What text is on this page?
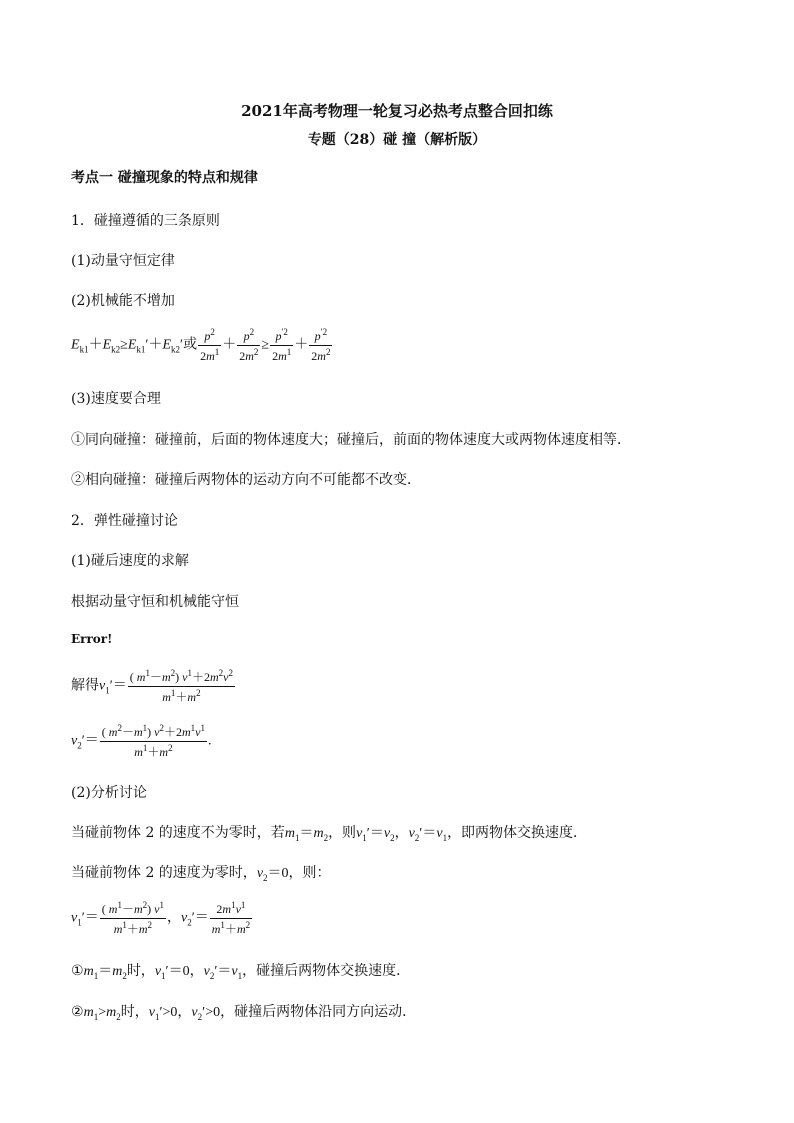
2021年高考物理一轮复习必热考点整合回扣练
专题（28）碰 撞（解析版）
考点一 碰撞现象的特点和规律
1．碰撞遵循的三条原则
(1)动量守恒定律
(2)机械能不增加
$E_{k1}+E_{k2}\ge E_{k1}'+E_{k2}'$或 $\frac{p^2}{2m^1} + \frac{p^2}{2m^2} \ge \frac{p^{'2}}{2m^1} + \frac{p^{'2}}{2m^2}$
(3)速度要合理
①同向碰撞：碰撞前，后面的物体速度大；碰撞后，前面的物体速度大或两物体速度相等．
②相向碰撞：碰撞后两物体的运动方向不可能都不改变．
2．弹性碰撞讨论
(1)碰后速度的求解
根据动量守恒和机械能守恒
Error!
解得$v_1'= \frac{( m^1-m^2) v^1+2m^2v^2}{m^1+m^2}$
$v_2'= \frac{( m^2-m^1) v^2+2m^1v^1}{m^1+m^2}$ .
(2)分析讨论
当碰前物体 2 的速度不为零时，若$m_1=m_2$，则$v_1'=v_2$，$v_2'=v_1$，即两物体交换速度．
当碰前物体 2 的速度为零时，$v_2=0$，则：
$v_1'= \frac{( m^1-m^2) v^1}{m^1+m^2}$ ，$v_2'= \frac{2m^1v^1}{m^1+m^2}$
$①m_1=m_2$时，$v_1'=0$，$v_2'=v_1$，碰撞后两物体交换速度．
$②m_1>m_2$时，$v_1'>0$，$v_2'>0$，碰撞后两物体沿同方向运动．
